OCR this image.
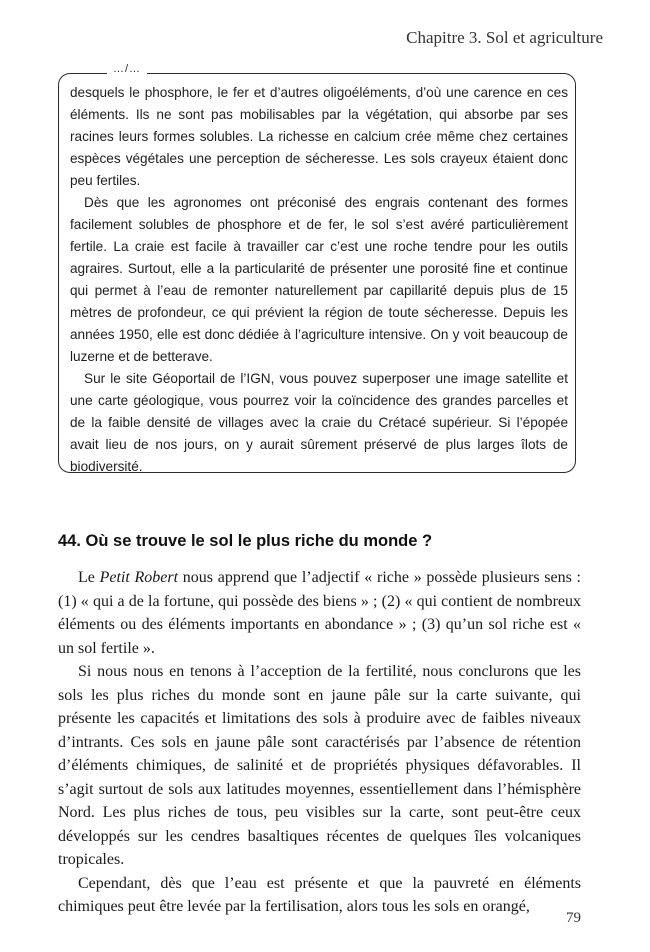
Chapitre 3. Sol et agriculture
…/…

desquels le phosphore, le fer et d’autres oligoéléments, d’où une carence en ces éléments. Ils ne sont pas mobilisables par la végétation, qui absorbe par ses racines leurs formes solubles. La richesse en calcium crée même chez certaines espèces végétales une perception de sécheresse. Les sols crayeux étaient donc peu fertiles.

Dès que les agronomes ont préconisé des engrais contenant des formes facilement solubles de phosphore et de fer, le sol s’est avéré particulièrement fertile. La craie est facile à travailler car c’est une roche tendre pour les outils agraires. Surtout, elle a la particularité de présenter une porosité fine et continue qui permet à l’eau de remonter naturellement par capillarité depuis plus de 15 mètres de profondeur, ce qui prévient la région de toute sécheresse. Depuis les années 1950, elle est donc dédiée à l’agriculture intensive. On y voit beaucoup de luzerne et de betterave.

Sur le site Géoportail de l’IGN, vous pouvez superposer une image satellite et une carte géologique, vous pourrez voir la coïncidence des grandes parcelles et de la faible densité de villages avec la craie du Crétacé supérieur. Si l’épopée avait lieu de nos jours, on y aurait sûrement préservé de plus larges îlots de biodiversité.

44. Où se trouve le sol le plus riche du monde ?

Le Petit Robert nous apprend que l’adjectif « riche » possède plusieurs sens : (1) « qui a de la fortune, qui possède des biens » ; (2) « qui contient de nombreux éléments ou des éléments importants en abondance » ; (3) qu’un sol riche est « un sol fertile ».

Si nous nous en tenons à l’acception de la fertilité, nous conclurons que les sols les plus riches du monde sont en jaune pâle sur la carte suivante, qui présente les capacités et limitations des sols à produire avec de faibles niveaux d’intrants. Ces sols en jaune pâle sont caractérisés par l’absence de rétention d’éléments chimiques, de salinité et de propriétés physiques défavorables. Il s’agit surtout de sols aux latitudes moyennes, essentiellement dans l’hémisphère Nord. Les plus riches de tous, peu visibles sur la carte, sont peut-être ceux développés sur les cendres basaltiques récentes de quelques îles volcaniques tropicales.

Cependant, dès que l’eau est présente et que la pauvreté en éléments chimiques peut être levée par la fertilisation, alors tous les sols en orangé,

79
